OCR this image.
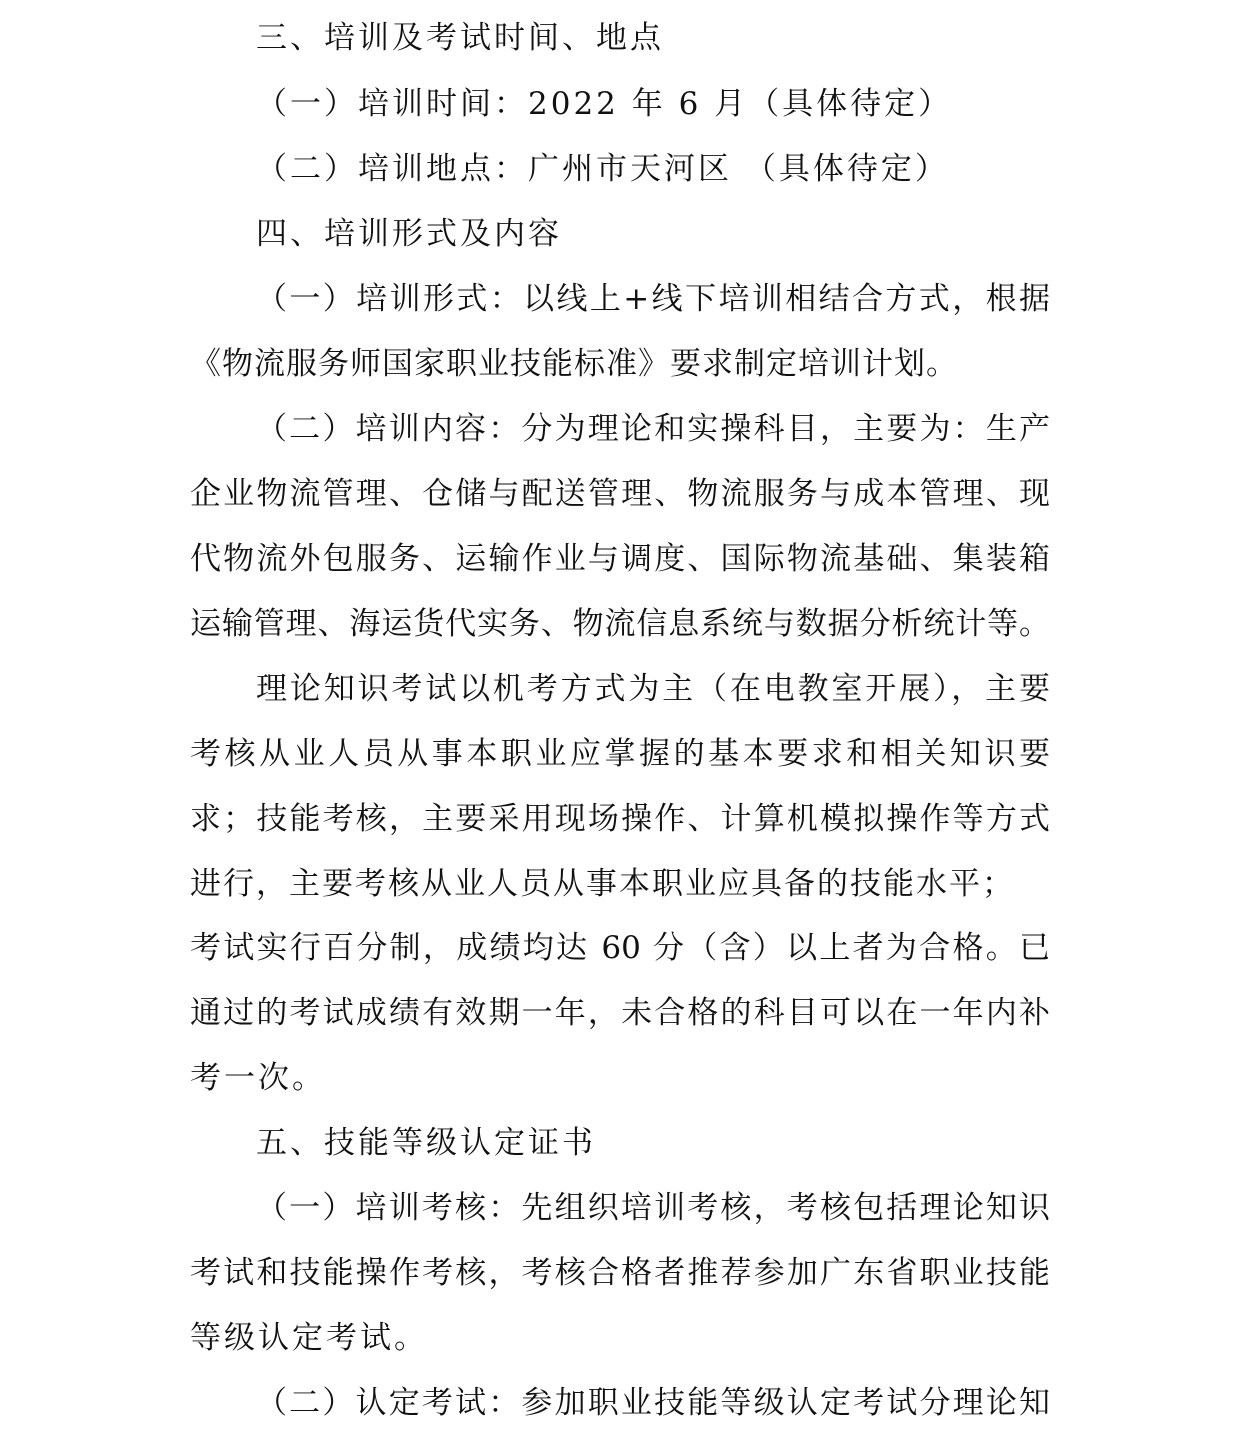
三、培训及考试时间、地点
（一）培训时间：2022 年 6 月（具体待定）
（二）培训地点：广州市天河区 （具体待定）
四、培训形式及内容
（一）培训形式：以线上+线下培训相结合方式，根据
《物流服务师国家职业技能标准》要求制定培训计划。
（二）培训内容：分为理论和实操科目，主要为：生产
企业物流管理、仓储与配送管理、物流服务与成本管理、现
代物流外包服务、运输作业与调度、国际物流基础、集装箱
运输管理、海运货代实务、物流信息系统与数据分析统计等。
理论知识考试以机考方式为主（在电教室开展），主要
考核从业人员从事本职业应掌握的基本要求和相关知识要
求；技能考核，主要采用现场操作、计算机模拟操作等方式
进行，主要考核从业人员从事本职业应具备的技能水平；
考试实行百分制，成绩均达 60 分（含）以上者为合格。已
通过的考试成绩有效期一年，未合格的科目可以在一年内补
考一次。
五、技能等级认定证书
（一）培训考核：先组织培训考核，考核包括理论知识
考试和技能操作考核，考核合格者推荐参加广东省职业技能
等级认定考试。
（二）认定考试：参加职业技能等级认定考试分理论知
